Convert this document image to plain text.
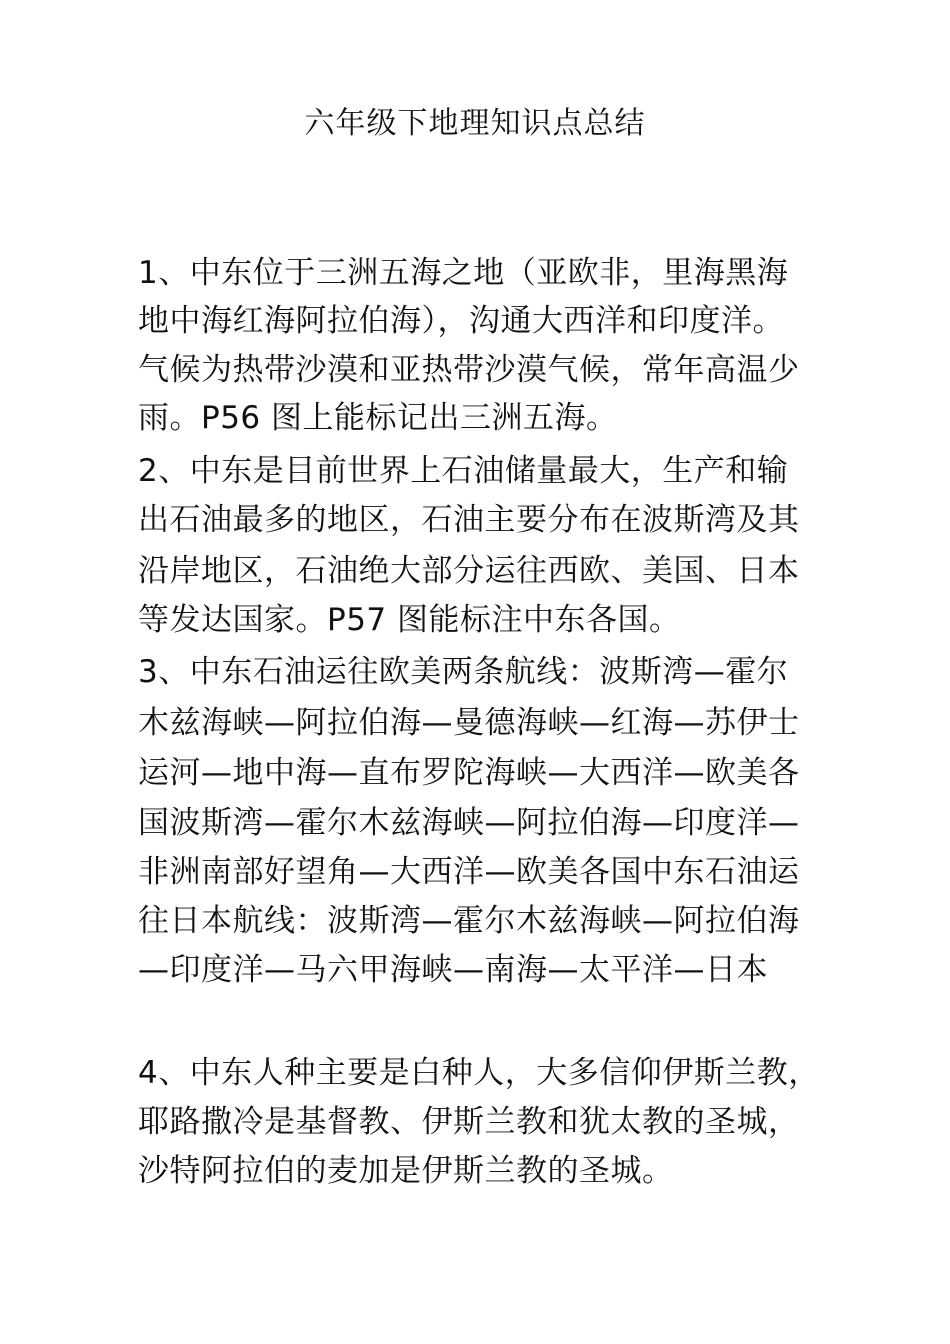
六年级下地理知识点总结
1、中东位于三洲五海之地（亚欧非，里海黑海
地中海红海阿拉伯海），沟通大西洋和印度洋。
气候为热带沙漠和亚热带沙漠气候，常年高温少
雨。P56 图上能标记出三洲五海。
2、中东是目前世界上石油储量最大，生产和输
出石油最多的地区，石油主要分布在波斯湾及其
沿岸地区，石油绝大部分运往西欧、美国、日本
等发达国家。P57 图能标注中东各国。
3、中东石油运往欧美两条航线：波斯湾—霍尔
木兹海峡—阿拉伯海—曼德海峡—红海—苏伊士
运河—地中海—直布罗陀海峡—大西洋—欧美各
国波斯湾—霍尔木兹海峡—阿拉伯海—印度洋—
非洲南部好望角—大西洋—欧美各国中东石油运
往日本航线：波斯湾—霍尔木兹海峡—阿拉伯海
—印度洋—马六甲海峡—南海—太平洋—日本
4、中东人种主要是白种人，大多信仰伊斯兰教，
耶路撒冷是基督教、伊斯兰教和犹太教的圣城，
沙特阿拉伯的麦加是伊斯兰教的圣城。
